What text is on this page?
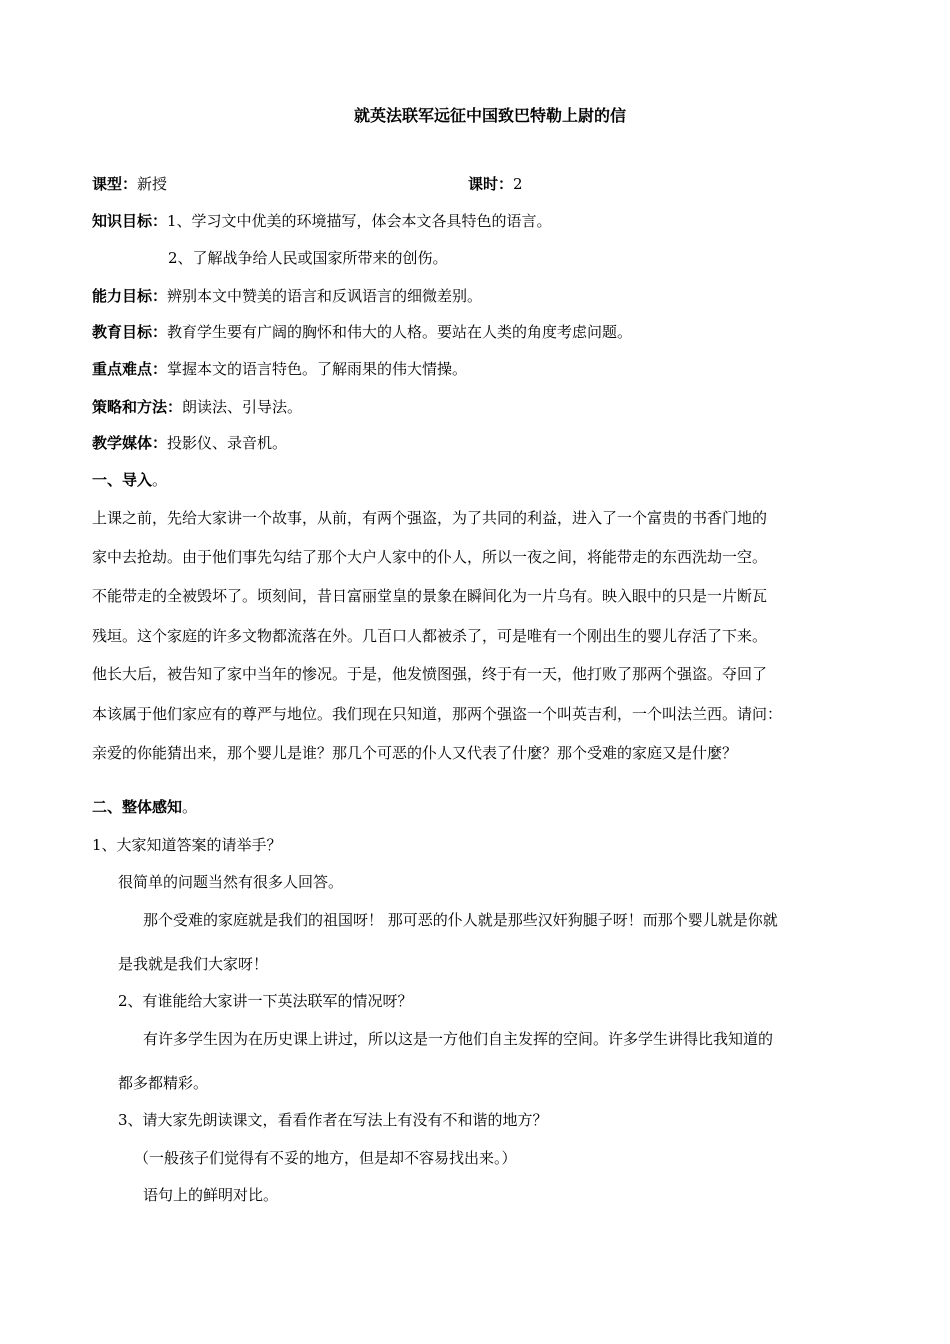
就英法联军远征中国致巴特勒上尉的信
课型：新授	课时：2
知识目标：1、学习文中优美的环境描写，体会本文各具特色的语言。
2、了解战争给人民或国家所带来的创伤。
能力目标：辨别本文中赞美的语言和反讽语言的细微差别。
教育目标：教育学生要有广阔的胸怀和伟大的人格。要站在人类的角度考虑问题。
重点难点：掌握本文的语言特色。了解雨果的伟大情操。
策略和方法：朗读法、引导法。
教学媒体：投影仪、录音机。
一、导入。
上课之前，先给大家讲一个故事，从前，有两个强盗，为了共同的利益，进入了一个富贵的书香门地的
家中去抢劫。由于他们事先勾结了那个大户人家中的仆人，所以一夜之间，将能带走的东西洗劫一空。
不能带走的全被毁坏了。顷刻间，昔日富丽堂皇的景象在瞬间化为一片乌有。映入眼中的只是一片断瓦
残垣。这个家庭的许多文物都流落在外。几百口人都被杀了，可是唯有一个刚出生的婴儿存活了下来。
他长大后，被告知了家中当年的惨况。于是，他发愤图强，终于有一天，他打败了那两个强盗。夺回了
本该属于他们家应有的尊严与地位。我们现在只知道，那两个强盗一个叫英吉利，一个叫法兰西。请问：
亲爱的你能猜出来，那个婴儿是谁？那几个可恶的仆人又代表了什麼？那个受难的家庭又是什麼？
二、整体感知。
1、大家知道答案的请举手？
很简单的问题当然有很多人回答。
那个受难的家庭就是我们的祖国呀！ 那可恶的仆人就是那些汉奸狗腿子呀！而那个婴儿就是你就
是我就是我们大家呀！
2、有谁能给大家讲一下英法联军的情况呀？
有许多学生因为在历史课上讲过，所以这是一方他们自主发挥的空间。许多学生讲得比我知道的
都多都精彩。
3、请大家先朗读课文，看看作者在写法上有没有不和谐的地方？
（一般孩子们觉得有不妥的地方，但是却不容易找出来。）
语句上的鲜明对比。
